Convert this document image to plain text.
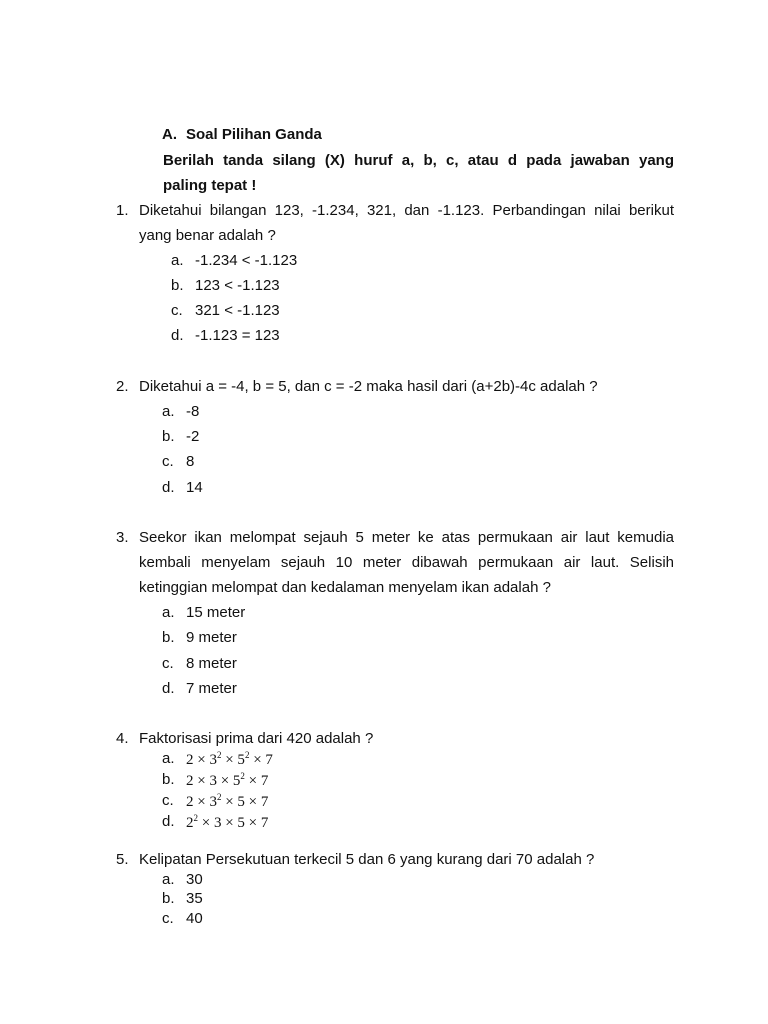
A. Soal Pilihan Ganda
Berilah tanda silang (X) huruf a, b, c, atau d pada jawaban yang
paling tepat !
1. Diketahui bilangan 123, -1.234, 321, dan -1.123. Perbandingan nilai berikut
yang benar adalah ?
a. -1.234 < -1.123
b. 123 < -1.123
c. 321 < -1.123
d. -1.123 = 123
2. Diketahui a = -4, b = 5, dan c = -2 maka hasil dari (a+2b)-4c adalah ?
a. -8
b. -2
c. 8
d. 14
3. Seekor ikan melompat sejauh 5 meter ke atas permukaan air laut kemudia
kembali menyelam sejauh 10 meter dibawah permukaan air laut. Selisih
ketinggian melompat dan kedalaman menyelam ikan adalah ?
a. 15 meter
b. 9 meter
c. 8 meter
d. 7 meter
4. Faktorisasi prima dari 420 adalah ?
a. $2 \times 3^2 \times 5^2 \times 7$
b. $2 \times 3 \times 5^2 \times 7$
c. $2 \times 3^2 \times 5 \times 7$
d. $2^2 \times 3 \times 5 \times 7$
5. Kelipatan Persekutuan terkecil 5 dan 6 yang kurang dari 70 adalah ?
a. 30
b. 35
c. 40
